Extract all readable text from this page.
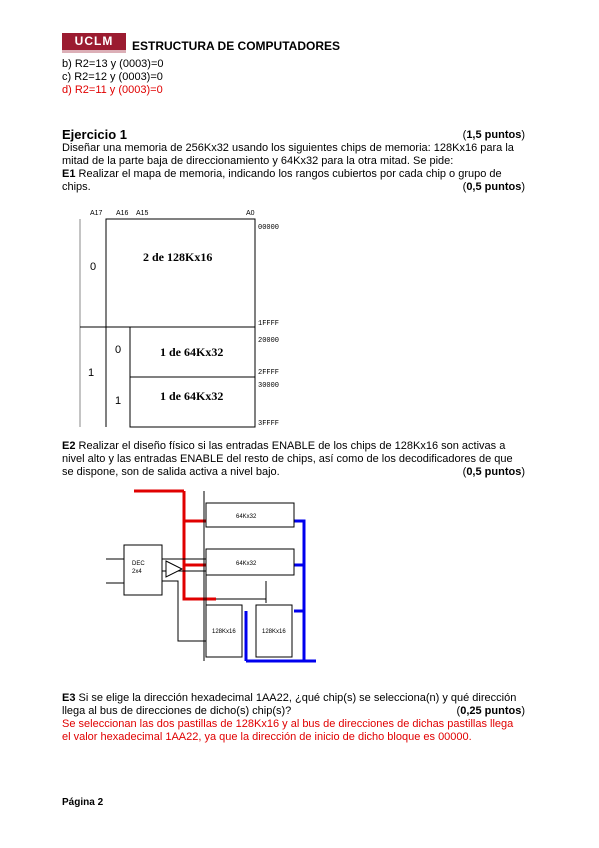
UCLM	ESTRUCTURA DE COMPUTADORES
b) R2=13 y (0003)=0
c) R2=12 y (0003)=0
d) R2=11 y (0003)=0
Ejercicio 1	(1,5 puntos)
Diseñar una memoria de 256Kx32 usando los siguientes chips de memoria: 128Kx16 para la
mitad de la parte baja de direccionamiento y 64Kx32 para la otra mitad. Se pide:
E1 Realizar el mapa de memoria, indicando los rangos cubiertos por cada chip o grupo de
chips.	(0,5 puntos)
A17 A16 A15	A0
0
1
0
1
2 de 128Kx16
1 de 64Kx32
1 de 64Kx32
00000
1FFFF
20000
2FFFF
30000
3FFFF
E2 Realizar el diseño físico si las entradas ENABLE de los chips de 128Kx16 son activas a
nivel alto y las entradas ENABLE del resto de chips, así como de los decodificadores de que
se dispone, son de salida activa a nivel bajo.	(0,5 puntos)
DEC
2x4
64Kx32
64Kx32
128Kx16	128Kx16
E3 Si se elige la dirección hexadecimal 1AA22, ¿qué chip(s) se selecciona(n) y qué dirección
llega al bus de direcciones de dicho(s) chip(s)?	(0,25 puntos)
Se seleccionan las dos pastillas de 128Kx16 y al bus de direcciones de dichas pastillas llega
el valor hexadecimal 1AA22, ya que la dirección de inicio de dicho bloque es 00000.
Página 2
